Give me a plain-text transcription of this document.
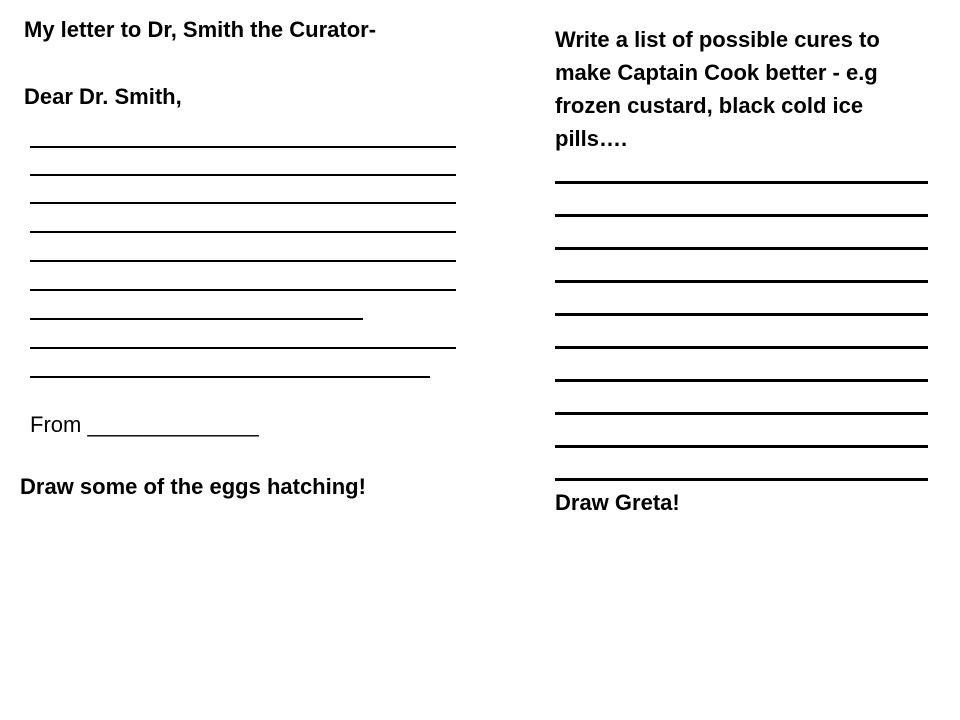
My letter to Dr, Smith the Curator-

Dear Dr. Smith,

From ______________

Draw some of the eggs hatching!

Write a list of possible cures to
make Captain Cook better - e.g
frozen custard, black cold ice
pills….

Draw Greta!
